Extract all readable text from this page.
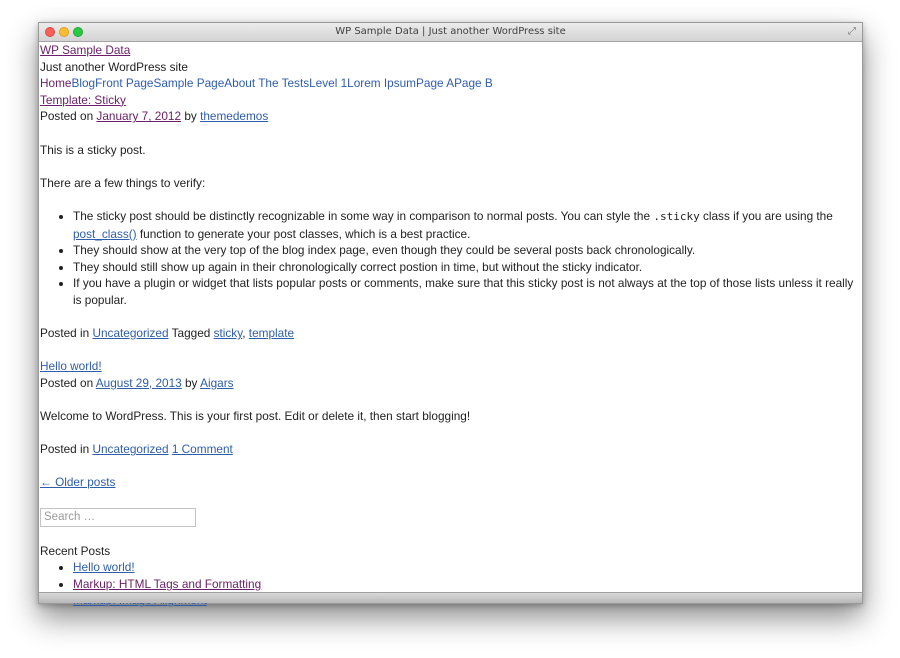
WP Sample Data | Just another WordPress site	⤢
WP Sample Data
Just another WordPress site
HomeBlogFront PageSample PageAbout The TestsLevel 1Lorem IpsumPage APage B
Template: Sticky
Posted on January 7, 2012 by themedemos

This is a sticky post.

There are a few things to verify:

• The sticky post should be distinctly recognizable in some way in comparison to normal posts. You can style the .sticky class if you are using the post_class() function to generate your post classes, which is a best practice.
• They should show at the very top of the blog index page, even though they could be several posts back chronologically.
• They should still show up again in their chronologically correct postion in time, but without the sticky indicator.
• If you have a plugin or widget that lists popular posts or comments, make sure that this sticky post is not always at the top of those lists unless it really is popular.
Posted in Uncategorized Tagged sticky, template
Hello world!
Posted on August 29, 2013 by Aigars

Welcome to WordPress. This is your first post. Edit or delete it, then start blogging!

Posted in Uncategorized 1 Comment
← Older posts
Search …
Recent Posts
• Hello world!
• Markup: HTML Tags and Formatting
•
